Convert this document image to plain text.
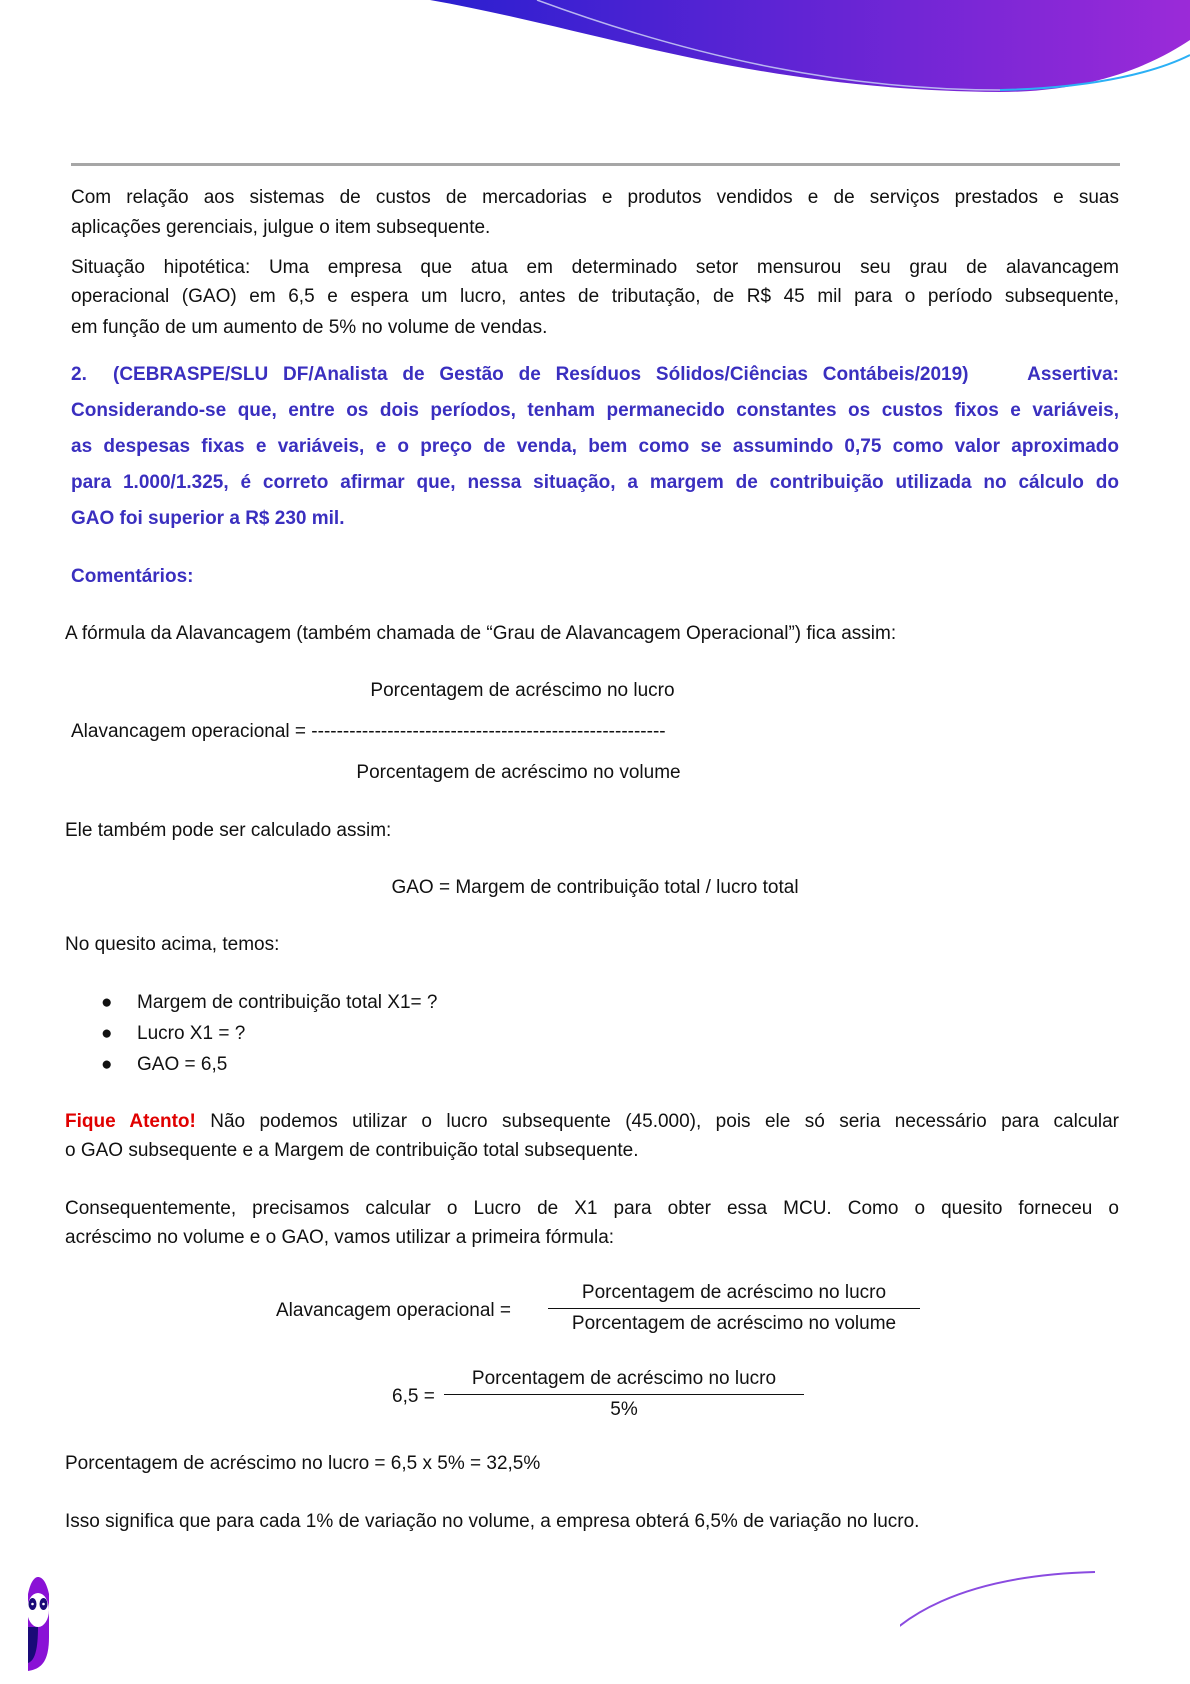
Com relação aos sistemas de custos de mercadorias e produtos vendidos e de serviços prestados e suas
aplicações gerenciais, julgue o item subsequente.
Situação hipotética: Uma empresa que atua em determinado setor mensurou seu grau de alavancagem
operacional (GAO) em 6,5 e espera um lucro, antes de tributação, de R$ 45 mil para o período subsequente,
em função de um aumento de 5% no volume de vendas.
2. (CEBRASPE/SLU DF/Analista de Gestão de Resíduos Sólidos/Ciências Contábeis/2019)    Assertiva:
Considerando-se que, entre os dois períodos, tenham permanecido constantes os custos fixos e variáveis,
as despesas fixas e variáveis, e o preço de venda, bem como se assumindo 0,75 como valor aproximado
para 1.000/1.325, é correto afirmar que, nessa situação, a margem de contribuição utilizada no cálculo do
GAO foi superior a R$ 230 mil.
Comentários:
A fórmula da Alavancagem (também chamada de “Grau de Alavancagem Operacional”) fica assim:
Porcentagem de acréscimo no lucro
Alavancagem operacional = --------------------------------------------------------
Porcentagem de acréscimo no volume
Ele também pode ser calculado assim:
GAO = Margem de contribuição total / lucro total
No quesito acima, temos:
● Margem de contribuição total X1= ?
● Lucro X1 = ?
● GAO = 6,5
Fique Atento! Não podemos utilizar o lucro subsequente (45.000), pois ele só seria necessário para calcular
o GAO subsequente e a Margem de contribuição total subsequente.
Consequentemente, precisamos calcular o Lucro de X1 para obter essa MCU. Como o quesito forneceu o
acréscimo no volume e o GAO, vamos utilizar a primeira fórmula:
Alavancagem operacional =
Porcentagem de acréscimo no lucro
Porcentagem de acréscimo no volume
6,5 =
Porcentagem de acréscimo no lucro
5%
Porcentagem de acréscimo no lucro = 6,5 x 5% = 32,5%
Isso significa que para cada 1% de variação no volume, a empresa obterá 6,5% de variação no lucro.
